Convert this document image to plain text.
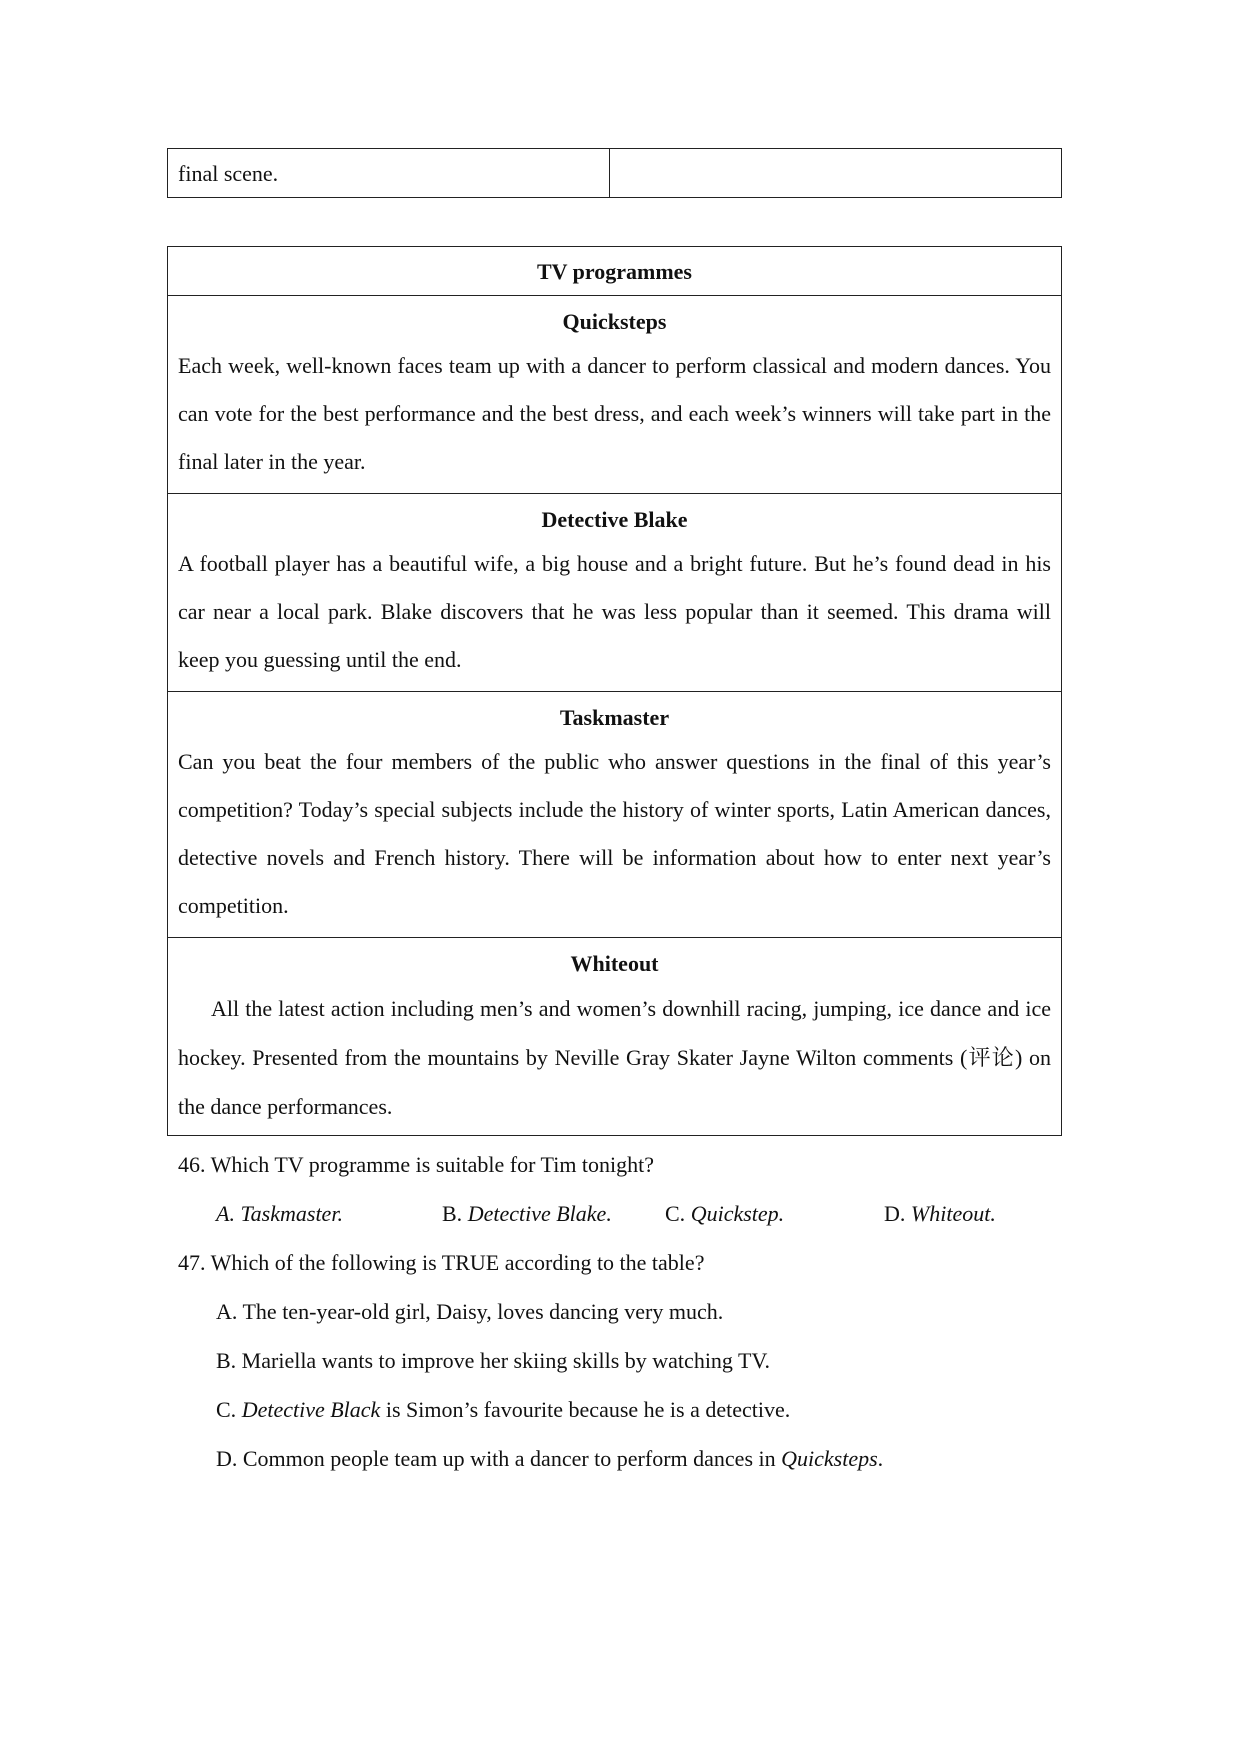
final scene.
TV programmes
Quicksteps
Each week, well-known faces team up with a dancer to perform classical and modern dances. You can vote for the best performance and the best dress, and each week’s winners will take part in the final later in the year.
Detective Blake
A football player has a beautiful wife, a big house and a bright future. But he’s found dead in his car near a local park. Blake discovers that he was less popular than it seemed. This drama will keep you guessing until the end.
Taskmaster
Can you beat the four members of the public who answer questions in the final of this year’s competition? Today’s special subjects include the history of winter sports, Latin American dances, detective novels and French history. There will be information about how to enter next year’s competition.
Whiteout
All the latest action including men’s and women’s downhill racing, jumping, ice dance and ice hockey. Presented from the mountains by Neville Gray Skater Jayne Wilton comments (评论) on the dance performances.
46. Which TV programme is suitable for Tim tonight?
A. Taskmaster.	B. Detective Blake. C. Quickstep.	D. Whiteout.
47. Which of the following is TRUE according to the table?
A. The ten-year-old girl, Daisy, loves dancing very much.
B. Mariella wants to improve her skiing skills by watching TV.
C. Detective Black is Simon’s favourite because he is a detective.
D. Common people team up with a dancer to perform dances in Quicksteps.
